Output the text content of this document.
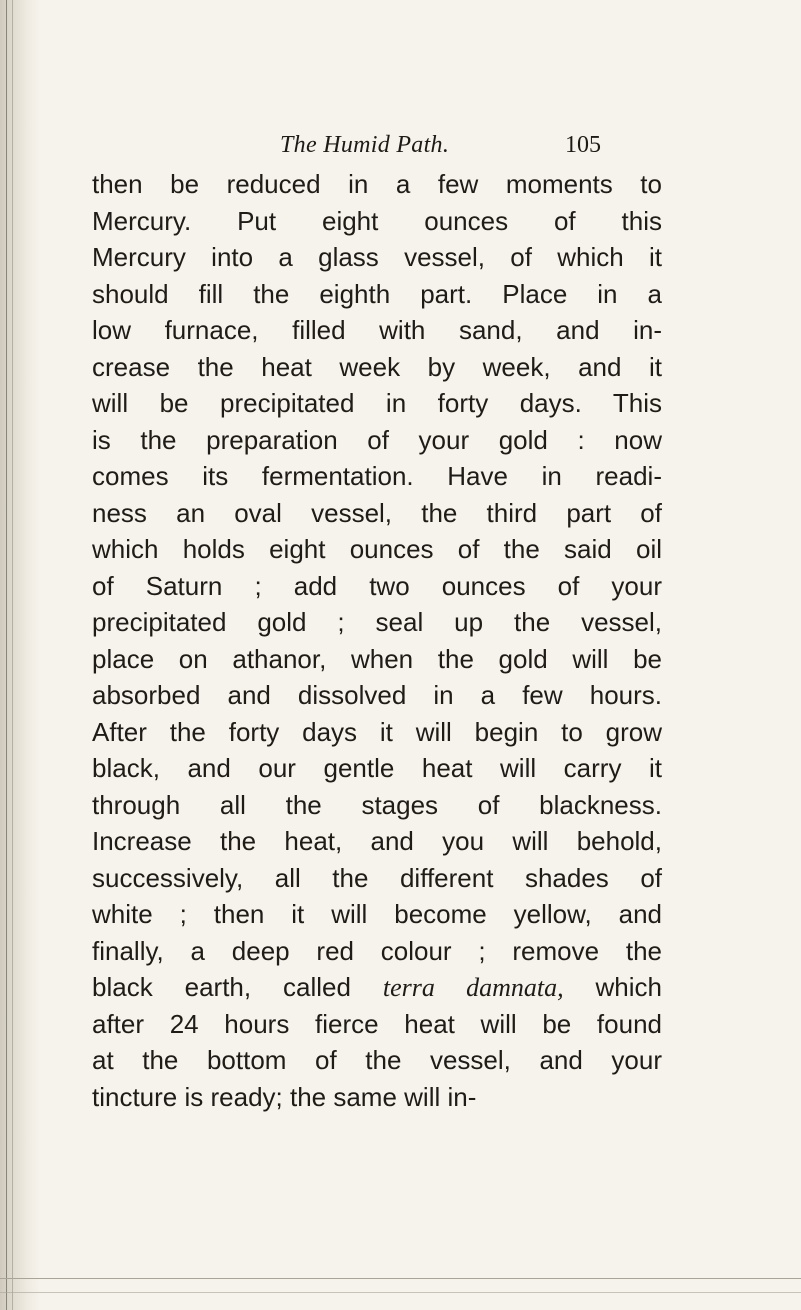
The Humid Path.	105
then be reduced in a few moments to
Mercury. Put eight ounces of this
Mercury into a glass vessel, of which it
should fill the eighth part. Place in a
low furnace, filled with sand, and in-
crease the heat week by week, and it
will be precipitated in forty days. This
is the preparation of your gold : now
comes its fermentation. Have in readi-
ness an oval vessel, the third part of
which holds eight ounces of the said oil
of Saturn ; add two ounces of your
precipitated gold ; seal up the vessel,
place on athanor, when the gold will be
absorbed and dissolved in a few hours.
After the forty days it will begin to grow
black, and our gentle heat will carry it
through all the stages of blackness.
Increase the heat, and you will behold,
successively, all the different shades of
white ; then it will become yellow, and
finally, a deep red colour ; remove the
black earth, called terra damnata, which
after 24 hours fierce heat will be found
at the bottom of the vessel, and your
tincture is ready; the same will in-
